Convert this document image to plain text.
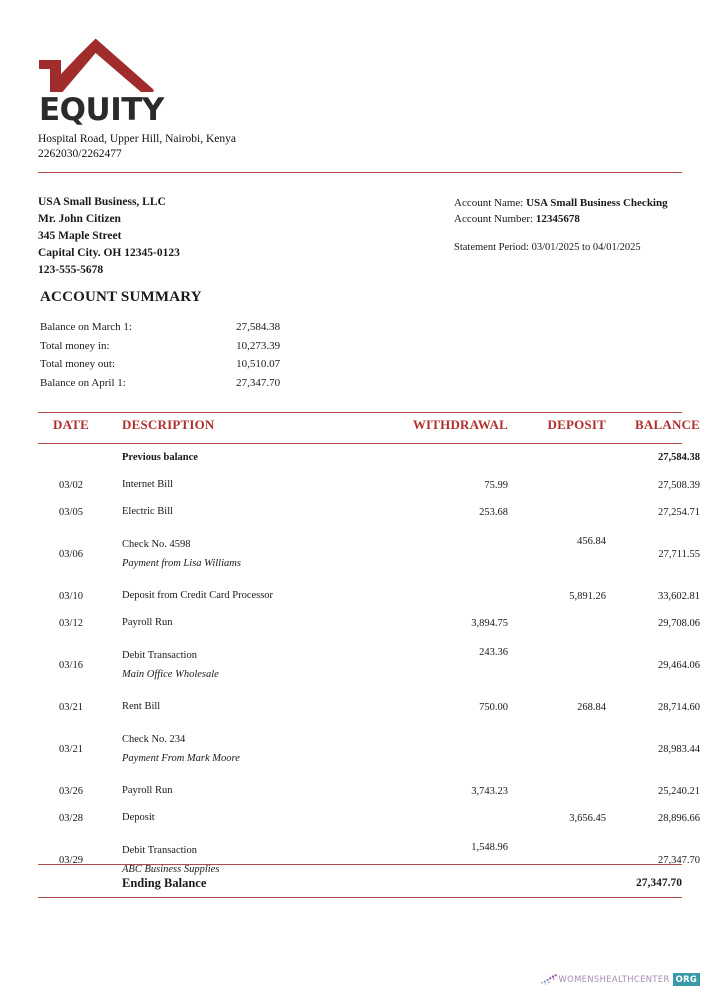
EQUITY
Hospital Road, Upper Hill, Nairobi, Kenya
2262030/2262477
USA Small Business, LLC
Mr. John Citizen
345 Maple Street
Capital City. OH 12345-0123
123-555-5678
Account Name: USA Small Business Checking
Account Number: 12345678
Statement Period: 03/01/2025 to 04/01/2025
ACCOUNT SUMMARY
Balance on March 1:	27,584.38
Total money in:	10,273.39
Total money out:	10,510.07
Balance on April 1:	27,347.70
DATE	DESCRIPTION	WITHDRAWAL	DEPOSIT	BALANCE
	Previous balance			27,584.38
03/02	Internet Bill	75.99		27,508.39
03/05	Electric Bill	253.68		27,254.71
03/06	Check No. 4598
Payment from Lisa Williams		456.84	27,711.55
03/10	Deposit from Credit Card Processor		5,891.26	33,602.81
03/12	Payroll Run	3,894.75		29,708.06
03/16	Debit Transaction
Main Office Wholesale	243.36		29,464.06
03/21	Rent Bill	750.00	268.84	28,714.60
03/21	Check No. 234
Payment From Mark Moore			28,983.44
03/26	Payroll Run	3,743.23		25,240.21
03/28	Deposit		3,656.45	28,896.66
03/29	Debit Transaction
ABC Business Supplies	1,548.96		27,347.70
Ending Balance	27,347.70
WOMENSHEALTHCENTER ORG
